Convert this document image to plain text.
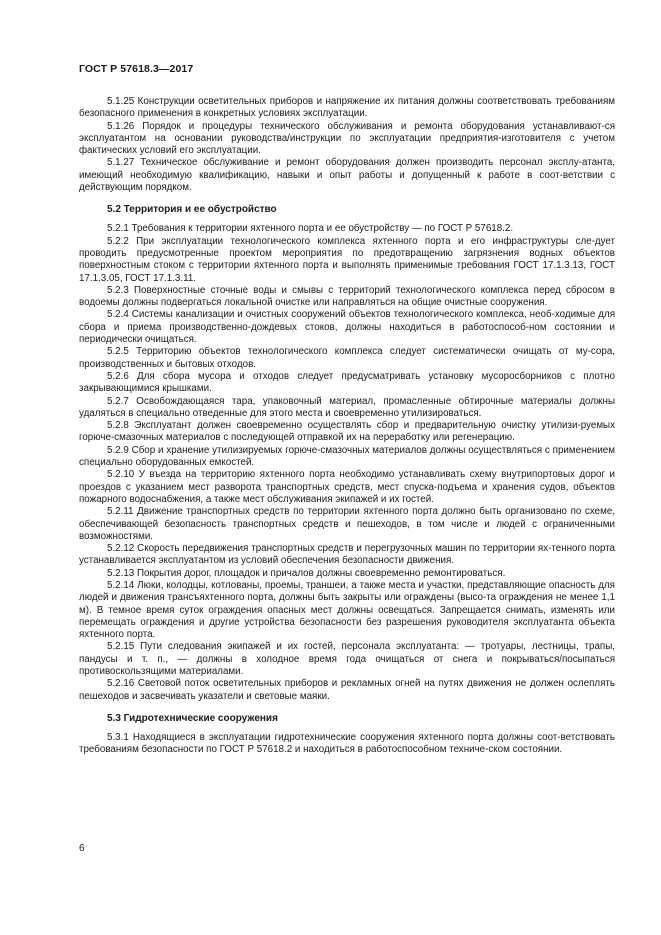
ГОСТ Р 57618.3—2017

5.1.25 Конструкции осветительных приборов и напряжение их питания должны соответствовать требованиям безопасного применения в конкретных условиях эксплуатации.

5.1.26 Порядок и процедуры технического обслуживания и ремонта оборудования устанавливают-ся эксплуатантом на основании руководства/инструкции по эксплуатации предприятия-изготовителя с учетом фактических условий его эксплуатации.

5.1.27 Техническое обслуживание и ремонт оборудования должен производить персонал эксплу-атанта, имеющий необходимую квалификацию, навыки и опыт работы и допущенный к работе в соот-ветствии с действующим порядком.

5.2 Территория и ее обустройство

5.2.1 Требования к территории яхтенного порта и ее обустройству — по ГОСТ Р 57618.2.

5.2.2 При эксплуатации технологического комплекса яхтенного порта и его инфраструктуры сле-дует проводить предусмотренные проектом мероприятия по предотвращению загрязнения водных объектов поверхностным стоком с территории яхтенного порта и выполнять применимые требования ГОСТ 17.1.3.13, ГОСТ 17.1.3.05, ГОСТ 17.1.3.11.

5.2.3 Поверхностные сточные воды и смывы с территорий технологического комплекса перед сбросом в водоемы должны подвергаться локальной очистке или направляться на общие очистные сооружения.

5.2.4 Системы канализации и очистных сооружений объектов технологического комплекса, необ-ходимые для сбора и приема производственно-дождевых стоков, должны находиться в работоспособ-ном состоянии и периодически очищаться.

5.2.5 Территорию объектов технологического комплекса следует систематически очищать от му-сора, производственных и бытовых отходов.

5.2.6 Для сбора мусора и отходов следует предусматривать установку мусоросборников с плотно закрывающимися крышками.

5.2.7 Освобождающаяся тара, упаковочный материал, промасленные обтирочные материалы должны удаляться в специально отведенные для этого места и своевременно утилизироваться.

5.2.8 Эксплуатант должен своевременно осуществлять сбор и предварительную очистку утилизи-руемых горюче-смазочных материалов с последующей отправкой их на переработку или регенерацию.

5.2.9 Сбор и хранение утилизируемых горюче-смазочных материалов должны осуществляться с применением специально оборудованных емкостей.

5.2.10 У въезда на территорию яхтенного порта необходимо устанавливать схему внутрипортовых дорог и проездов с указанием мест разворота транспортных средств, мест спуска-подъема и хранения судов, объектов пожарного водоснабжения, а также мест обслуживания экипажей и их гостей.

5.2.11 Движение транспортных средств по территории яхтенного порта должно быть организовано по схеме, обеспечивающей безопасность транспортных средств и пешеходов, в том числе и людей с ограниченными возможностями.

5.2.12 Скорость передвижения транспортных средств и перегрузочных машин по территории ях-тенного порта устанавливается эксплуатантом из условий обеспечения безопасности движения.

5.2.13 Покрытия дорог, площадок и причалов должны своевременно ремонтироваться.

5.2.14 Люки, колодцы, котлованы, проемы, траншеи, а также места и участки, представляющие опасность для людей и движения трансъяхтенного порта, должны быть закрыты или ограждены (высо-та ограждения не менее 1,1 м). В темное время суток ограждения опасных мест должны освещаться. Запрещается снимать, изменять или перемещать ограждения и другие устройства безопасности без разрешения руководителя эксплуатанта объекта яхтенного порта.

5.2.15 Пути следования экипажей и их гостей, персонала эксплуатанта: — тротуары, лестницы, трапы, пандусы и т. п., — должны в холодное время года очищаться от снега и покрываться/посыпаться противоскользящими материалами.

5.2.16 Световой поток осветительных приборов и рекламных огней на путях движения не должен ослеплять пешеходов и засвечивать указатели и световые маяки.

5.3 Гидротехнические сооружения

5.3.1 Находящиеся в эксплуатации гидротехнические сооружения яхтенного порта должны соот-ветствовать требованиям безопасности по ГОСТ Р 57618.2 и находиться в работоспособном техниче-ском состоянии.

6
